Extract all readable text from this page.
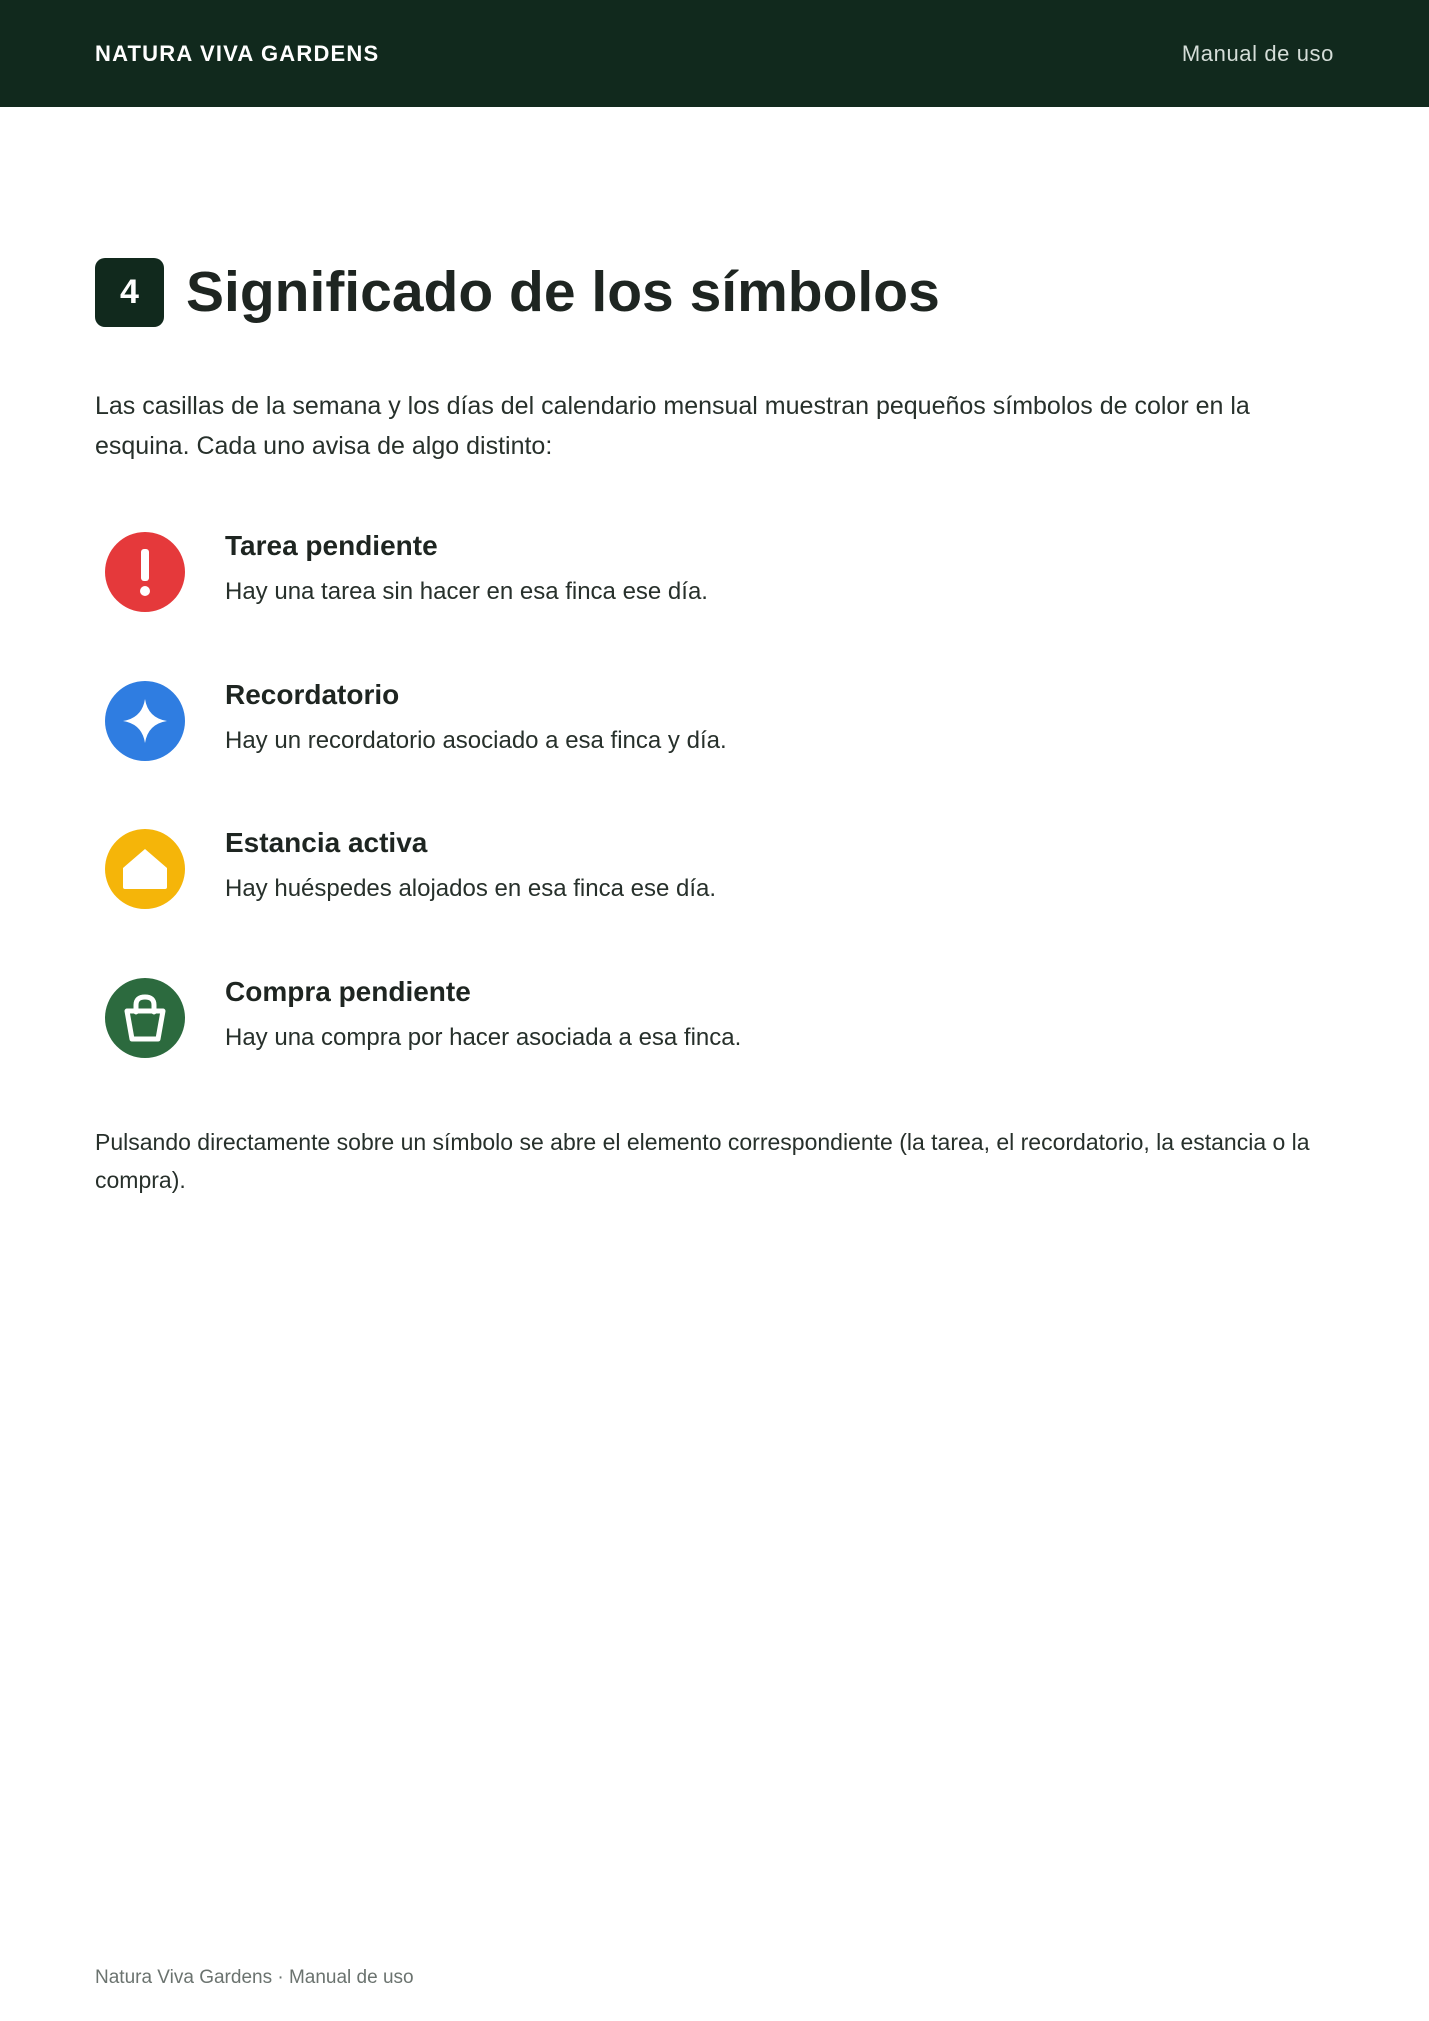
NATURA VIVA GARDENS	Manual de uso
4 Significado de los símbolos

Las casillas de la semana y los días del calendario mensual muestran pequeños símbolos de color en la esquina. Cada uno avisa de algo distinto:

Tarea pendiente
Hay una tarea sin hacer en esa finca ese día.
Recordatorio
Hay un recordatorio asociado a esa finca y día.
Estancia activa
Hay huéspedes alojados en esa finca ese día.
Compra pendiente
Hay una compra por hacer asociada a esa finca.

Pulsando directamente sobre un símbolo se abre el elemento correspondiente (la tarea, el recordatorio, la estancia o la compra).

Natura Viva Gardens · Manual de uso
